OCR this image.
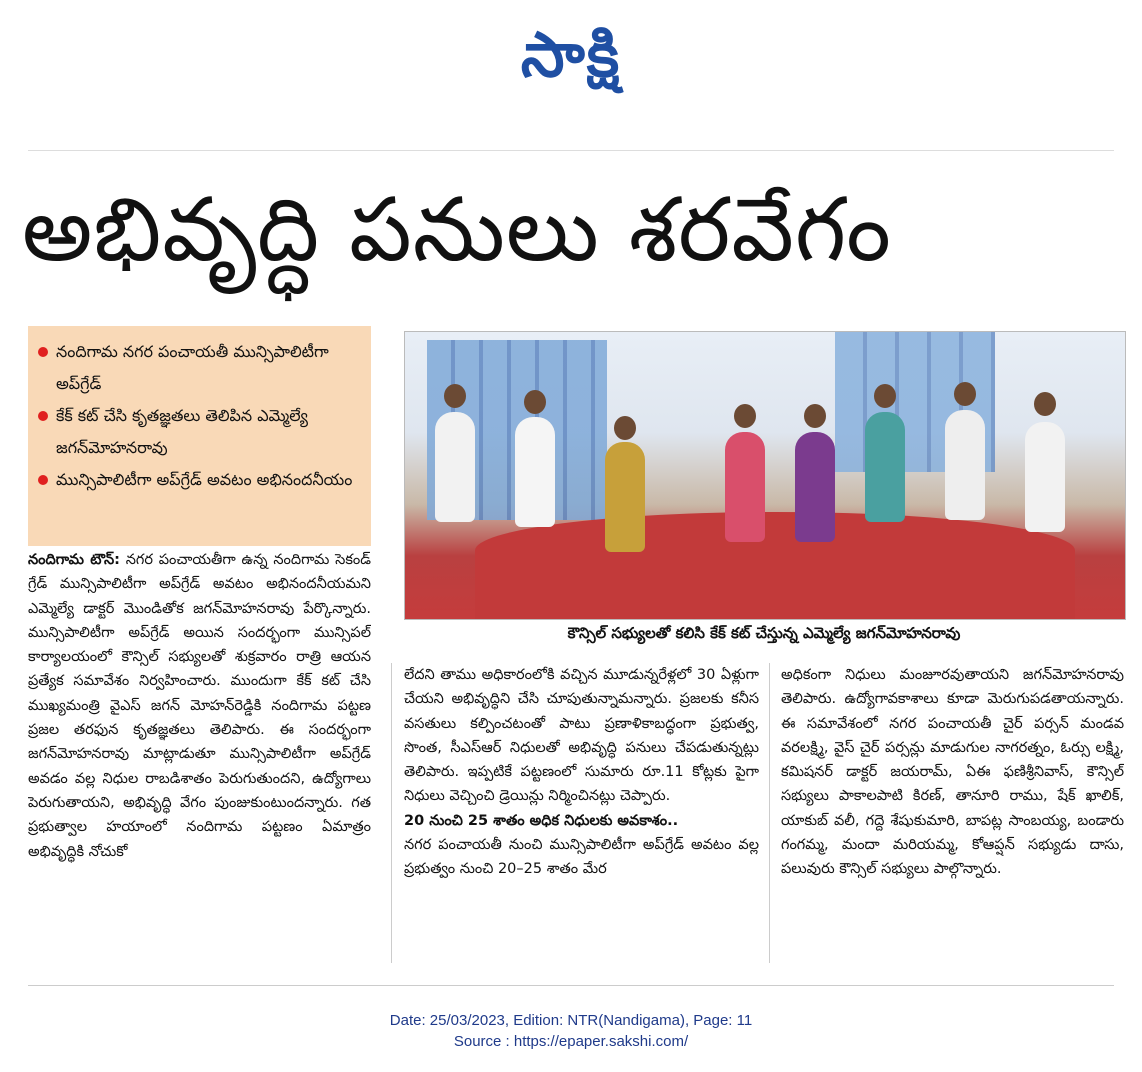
సాక్షి
అభివృద్ధి పనులు శరవేగం
నందిగామ నగర పంచాయతీ మున్సిపాలిటీగా అప్‌గ్రేడ్
కేక్ కట్ చేసి కృతజ్ఞతలు తెలిపిన ఎమ్మెల్యే జగన్‌మోహనరావు
మున్సిపాలిటీగా అప్‌గ్రేడ్ అవటం అభినందనీయం
కౌన్సిల్ సభ్యులతో కలిసి కేక్ కట్ చేస్తున్న ఎమ్మెల్యే జగన్‌మోహనరావు
నందిగామ టౌన్: నగర పంచాయతీగా ఉన్న నందిగామ సెకండ్ గ్రేడ్ మున్సిపాలిటీగా అప్‌గ్రేడ్ అవటం అభినందనీయమని ఎమ్మెల్యే డాక్టర్ మొండితోక జగన్‌మోహనరావు పేర్కొన్నారు. మున్సిపాలిటీగా అప్‌గ్రేడ్ అయిన సందర్భంగా మున్సిపల్ కార్యాలయంలో కౌన్సిల్ సభ్యులతో శుక్రవారం రాత్రి ఆయన ప్రత్యేక సమావేశం నిర్వహించారు. ముందుగా కేక్ కట్ చేసి ముఖ్యమంత్రి వైఎస్ జగన్ మోహన్‌రెడ్డికి నందిగామ పట్టణ ప్రజల తరఫున కృతజ్ఞతలు తెలిపారు. ఈ సందర్భంగా జగన్‌మోహనరావు మాట్లాడుతూ మున్సిపాలిటీగా అప్‌గ్రేడ్ అవడం వల్ల నిధుల రాబడిశాతం పెరుగుతుందని, ఉద్యోగాలు పెరుగుతాయని, అభివృద్ధి వేగం పుంజుకుంటుందన్నారు. గత ప్రభుత్వాల హయాంలో నందిగామ పట్టణం ఏమాత్రం అభివృద్ధికి నోచుకో
లేదని తాము అధికారంలోకి వచ్చిన మూడున్నరేళ్లలో 30 ఏళ్లుగా చేయని అభివృద్ధిని చేసి చూపుతున్నామన్నారు. ప్రజలకు కనీస వసతులు కల్పించటంతో పాటు ప్రణాళికాబద్ధంగా ప్రభుత్వ, సొంత, సీఎస్ఆర్ నిధులతో అభివృద్ధి పనులు చేపడుతున్నట్లు తెలిపారు. ఇప్పటికే పట్టణంలో సుమారు రూ.11 కోట్లకు పైగా నిధులు వెచ్చించి డ్రెయిన్లు నిర్మించినట్లు చెప్పారు.
20 నుంచి 25 శాతం అధిక నిధులకు అవకాశం..
నగర పంచాయతీ నుంచి మున్సిపాలిటీగా అప్‌గ్రేడ్ అవటం వల్ల ప్రభుత్వం నుంచి 20–25 శాతం మేర
అధికంగా నిధులు మంజూరవుతాయని జగన్‌మోహనరావు తెలిపారు. ఉద్యోగావకాశాలు కూడా మెరుగుపడతాయన్నారు. ఈ సమావేశంలో నగర పంచాయతీ చైర్ పర్సన్ మండవ వరలక్ష్మి, వైస్ చైర్ పర్సన్లు మాడుగుల నాగరత్నం, ఓర్సు లక్ష్మి, కమిషనర్ డాక్టర్ జయరామ్, ఏఈ ఫణిశ్రీనివాస్, కౌన్సిల్ సభ్యులు పాకాలపాటి కిరణ్, తానూరి రాము, షేక్ ఖాలిక్, యాకుబ్ వలీ, గద్దె శేషుకుమారి, బాపట్ల సాంబయ్య, బండారు గంగమ్మ, మందా మరియమ్మ, కోఆప్షన్ సభ్యుడు దాసు, పలువురు కౌన్సిల్ సభ్యులు పాల్గొన్నారు.
Date: 25/03/2023, Edition: NTR(Nandigama), Page: 11
Source : https://epaper.sakshi.com/
